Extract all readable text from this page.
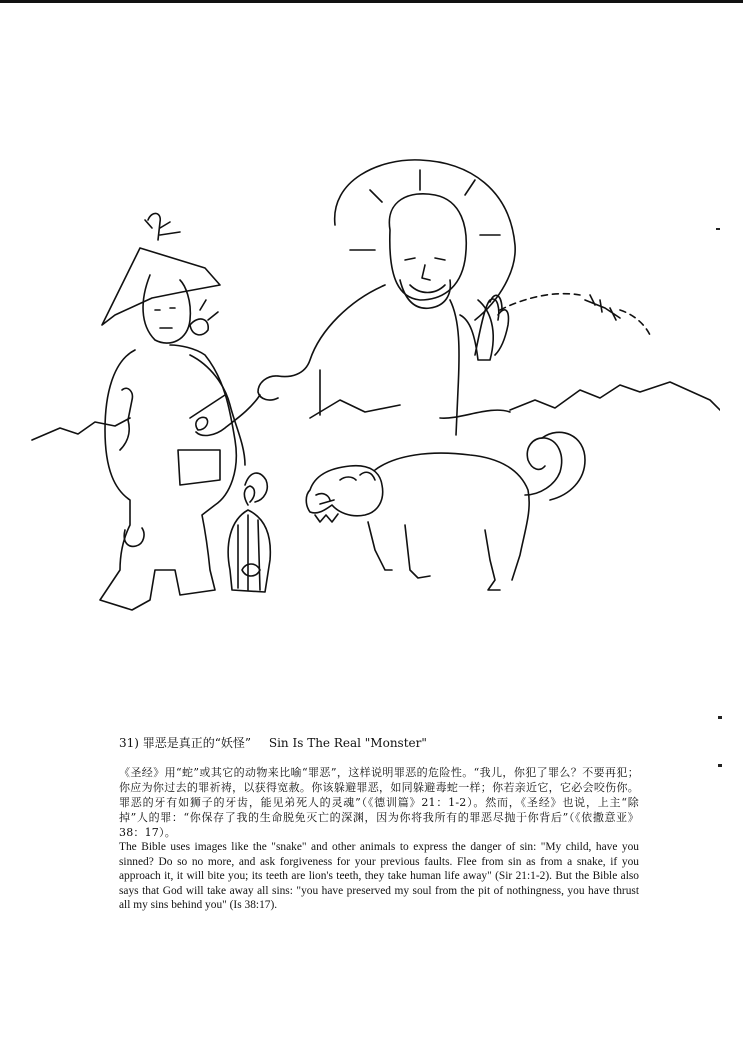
31) 罪恶是真正的“妖怪” Sin Is The Real "Monster"

《圣经》用“蛇”或其它的动物来比喻“罪恶”，这样说明罪恶的危险性。“我儿，你犯了罪么？不要再犯；你应为你过去的罪祈祷，以获得宽赦。你该躲避罪恶，如同躲避毒蛇一样；你若亲近它，它必会咬伤你。罪恶的牙有如狮子的牙齿，能见弟死人的灵魂”（《德训篇》21：1-2）。然而，《圣经》也说，上主“除掉”人的罪：“你保存了我的生命脱免灭亡的深渊，因为你将我所有的罪恶尽抛于你背后”（《依撒意亚》38：17）。

The Bible uses images like the "snake" and other animals to express the danger of sin: "My child, have you sinned? Do so no more, and ask forgiveness for your previous faults. Flee from sin as from a snake, if you approach it, it will bite you; its teeth are lion's teeth, they take human life away" (Sir 21:1-2). But the Bible also says that God will take away all sins: "you have preserved my soul from the pit of nothingness, you have thrust all my sins behind you" (Is 38:17).
